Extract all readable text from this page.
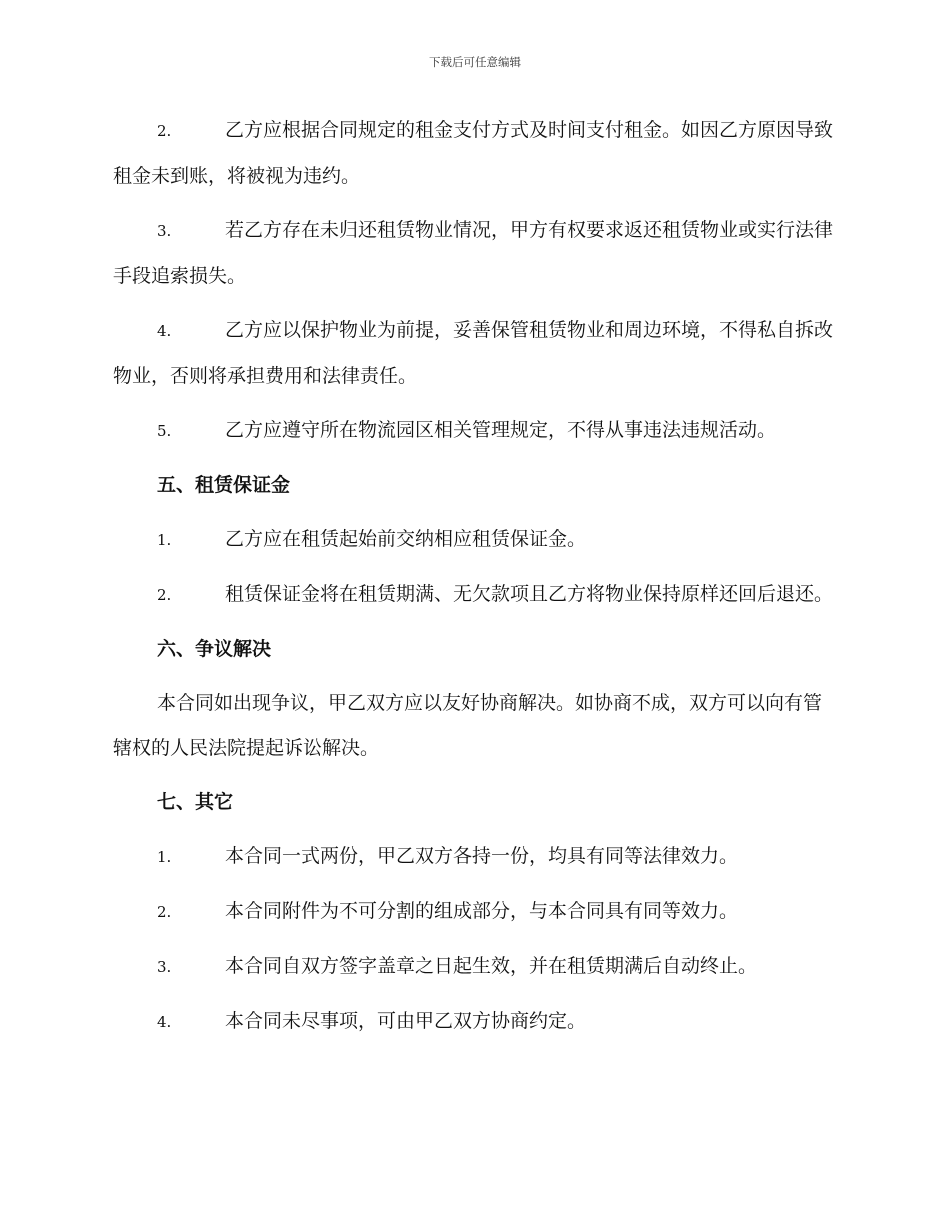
下载后可任意编辑

2.	乙方应根据合同规定的租金支付方式及时间支付租金。如因乙方原因导致租金未到账，将被视为违约。

3.	若乙方存在未归还租赁物业情况，甲方有权要求返还租赁物业或实行法律手段追索损失。

4.	乙方应以保护物业为前提，妥善保管租赁物业和周边环境，不得私自拆改物业，否则将承担费用和法律责任。

5.	乙方应遵守所在物流园区相关管理规定，不得从事违法违规活动。

五、租赁保证金

1.	乙方应在租赁起始前交纳相应租赁保证金。

2.	租赁保证金将在租赁期满、无欠款项且乙方将物业保持原样还回后退还。

六、争议解决

本合同如出现争议，甲乙双方应以友好协商解决。如协商不成，双方可以向有管辖权的人民法院提起诉讼解决。

七、其它

1.	本合同一式两份，甲乙双方各持一份，均具有同等法律效力。

2.	本合同附件为不可分割的组成部分，与本合同具有同等效力。

3.	本合同自双方签字盖章之日起生效，并在租赁期满后自动终止。

4.	本合同未尽事项，可由甲乙双方协商约定。
